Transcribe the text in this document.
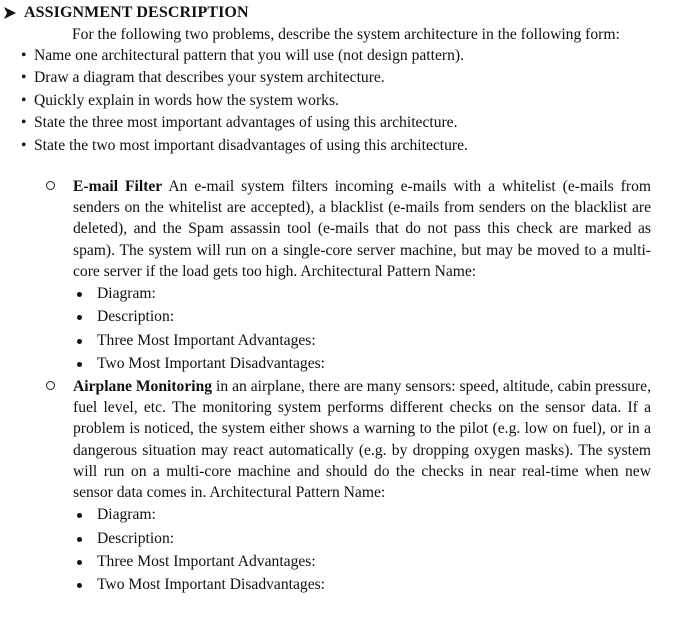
ASSIGNMENT DESCRIPTION
For the following two problems, describe the system architecture in the following form:
• Name one architectural pattern that you will use (not design pattern).
• Draw a diagram that describes your system architecture.
• Quickly explain in words how the system works.
• State the three most important advantages of using this architecture.
• State the two most important disadvantages of using this architecture.
E-mail Filter An e-mail system filters incoming e-mails with a whitelist (e-mails from senders on the whitelist are accepted), a blacklist (e-mails from senders on the blacklist are deleted), and the Spam assassin tool (e-mails that do not pass this check are marked as spam). The system will run on a single-core server machine, but may be moved to a multi-core server if the load gets too high. Architectural Pattern Name:
Diagram:
Description:
Three Most Important Advantages:
Two Most Important Disadvantages:
Airplane Monitoring in an airplane, there are many sensors: speed, altitude, cabin pressure, fuel level, etc. The monitoring system performs different checks on the sensor data. If a problem is noticed, the system either shows a warning to the pilot (e.g. low on fuel), or in a dangerous situation may react automatically (e.g. by dropping oxygen masks). The system will run on a multi-core machine and should do the checks in near real-time when new sensor data comes in. Architectural Pattern Name:
Diagram:
Description:
Three Most Important Advantages:
Two Most Important Disadvantages:
